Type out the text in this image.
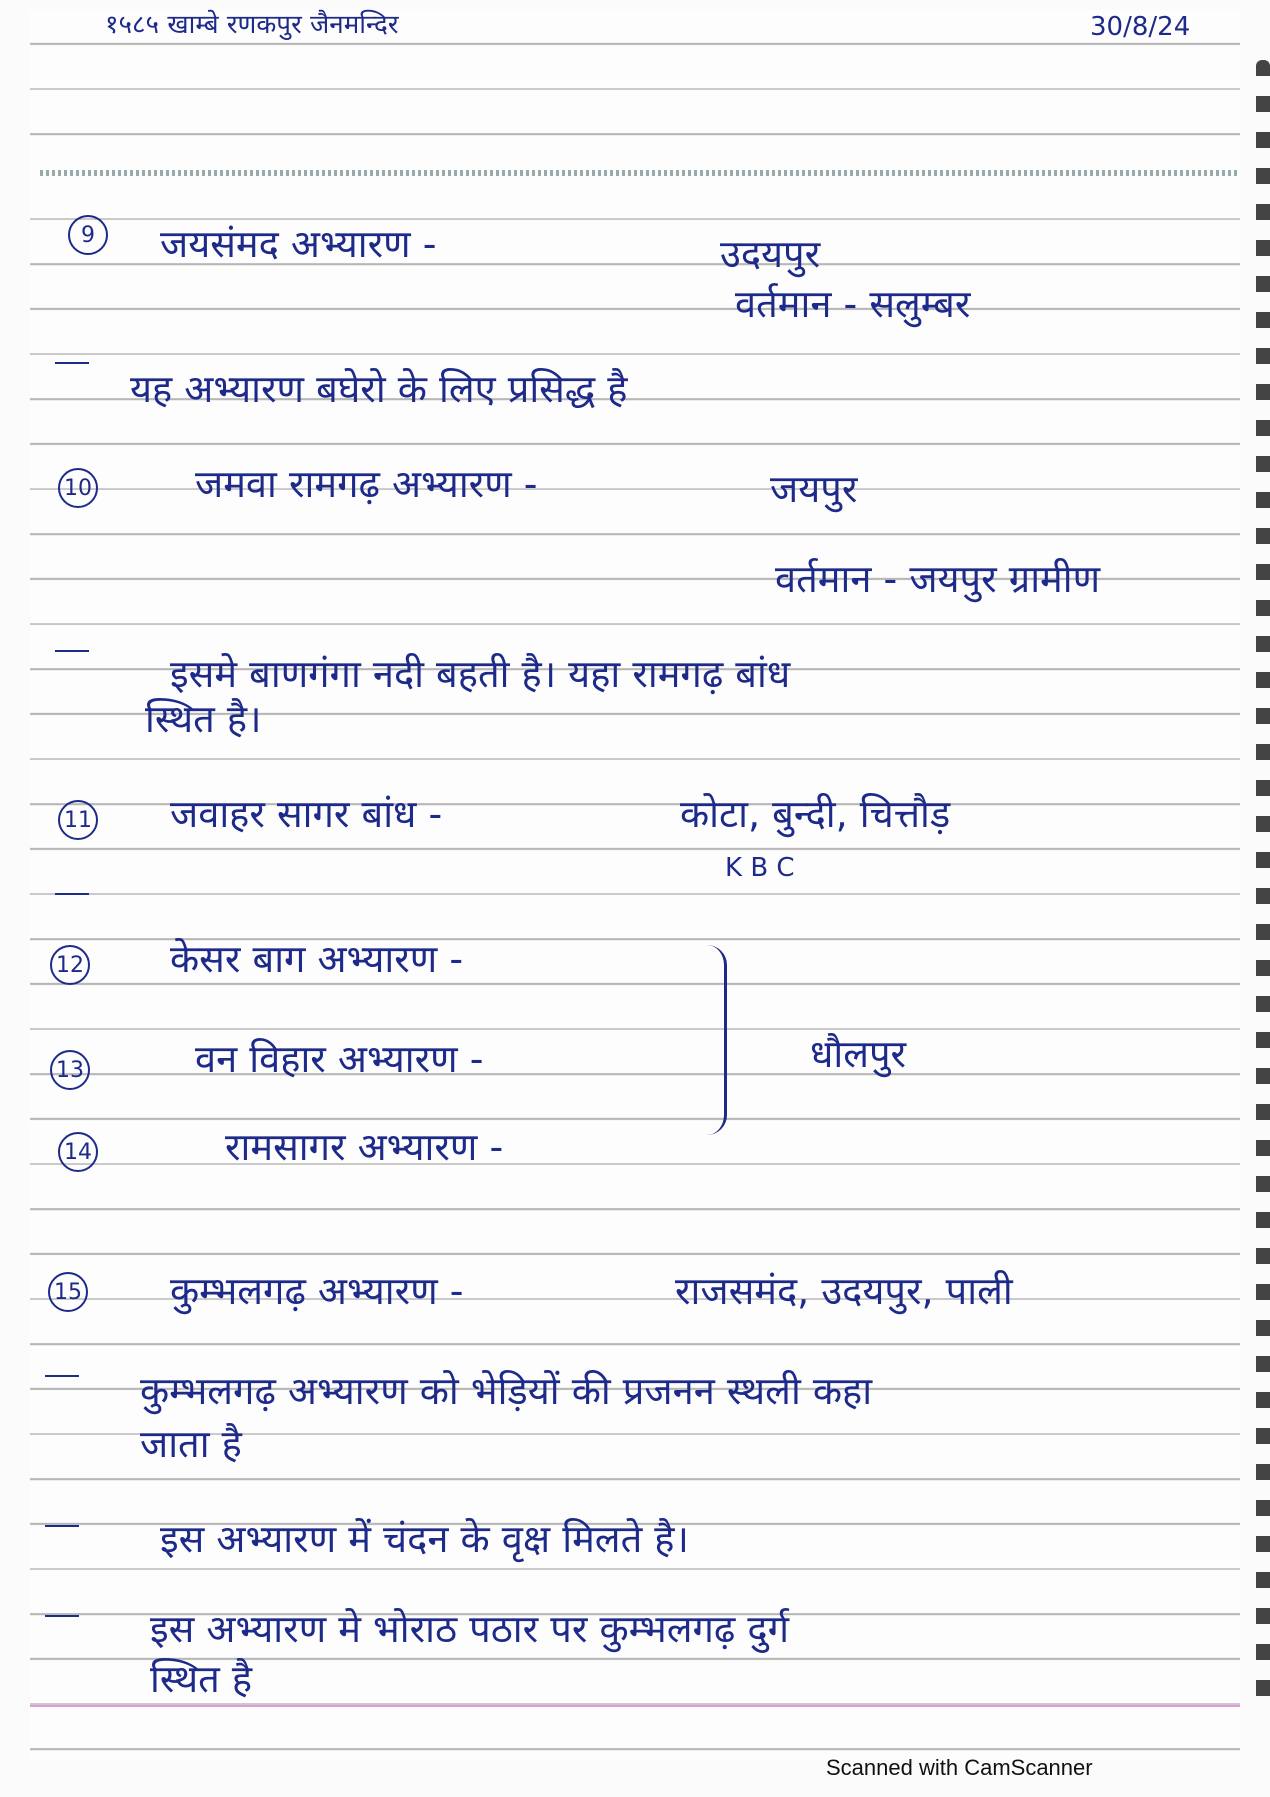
१५८५ खाम्बे रणकपुर जैनमन्दिर	30/8/24
9	जयसंमद अभ्यारण -	उदयपुर
वर्तमान - सलुम्बर
यह अभ्यारण बघेरो के लिए प्रसिद्ध है
10	जमवा रामगढ़ अभ्यारण -	जयपुर
वर्तमान - जयपुर ग्रामीण
इसमे बाणगंगा नदी बहती है। यहा रामगढ़ बांध
स्थित है।
11 जवाहर सागर बांध -	कोटा, बुन्दी, चित्तौड़
K B C
12 केसर बाग अभ्यारण -
13	वन विहार अभ्यारण -
14	रामसागर अभ्यारण -
धौलपुर
15 कुम्भलगढ़ अभ्यारण -	राजसमंद, उदयपुर, पाली
कुम्भलगढ़ अभ्यारण को भेड़ियों की प्रजनन स्थली कहा
जाता है
इस अभ्यारण में चंदन के वृक्ष मिलते है।
इस अभ्यारण मे भोराठ पठार पर कुम्भलगढ़ दुर्ग
स्थित है
Scanned with CamScanner
